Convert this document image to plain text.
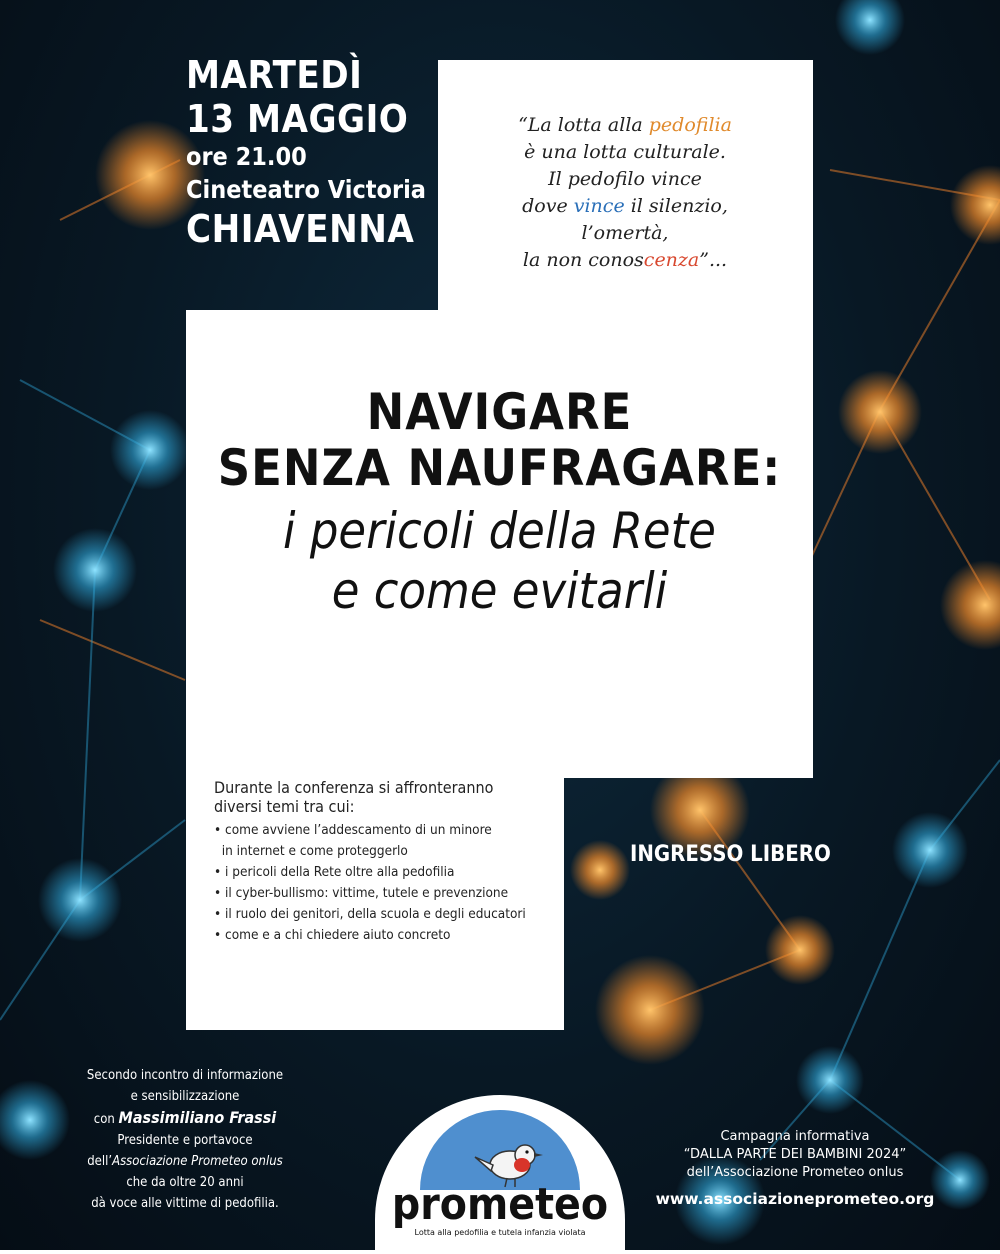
MARTEDÌ
13 MAGGIO
ore 21.00
Cineteatro Victoria
CHIAVENNA
“La lotta alla pedofilia
è una lotta culturale.
Il pedofilo vince
dove vince il silenzio,
l’omertà,
la non conoscenza”...
NAVIGARE
SENZA NAUFRAGARE:
i pericoli della Rete
e come evitarli
Durante la conferenza si affronteranno
diversi temi tra cui:
• come avviene l’addescamento di un minore
in internet e come proteggerlo
• i pericoli della Rete oltre alla pedofilia
• il cyber-bullismo: vittime, tutele e prevenzione
• il ruolo dei genitori, della scuola e degli educatori
• come e a chi chiedere aiuto concreto
INGRESSO LIBERO
Secondo incontro di informazione
e sensibilizzazione
con Massimiliano Frassi
Presidente e portavoce
dell’Associazione Prometeo onlus
che da oltre 20 anni
dà voce alle vittime di pedofilia.
Campagna informativa
“DALLA PARTE DEI BAMBINI 2024”
dell’Associazione Prometeo onlus
www.associazioneprometeo.org
prometeo
Lotta alla pedofilia e tutela infanzia violata
